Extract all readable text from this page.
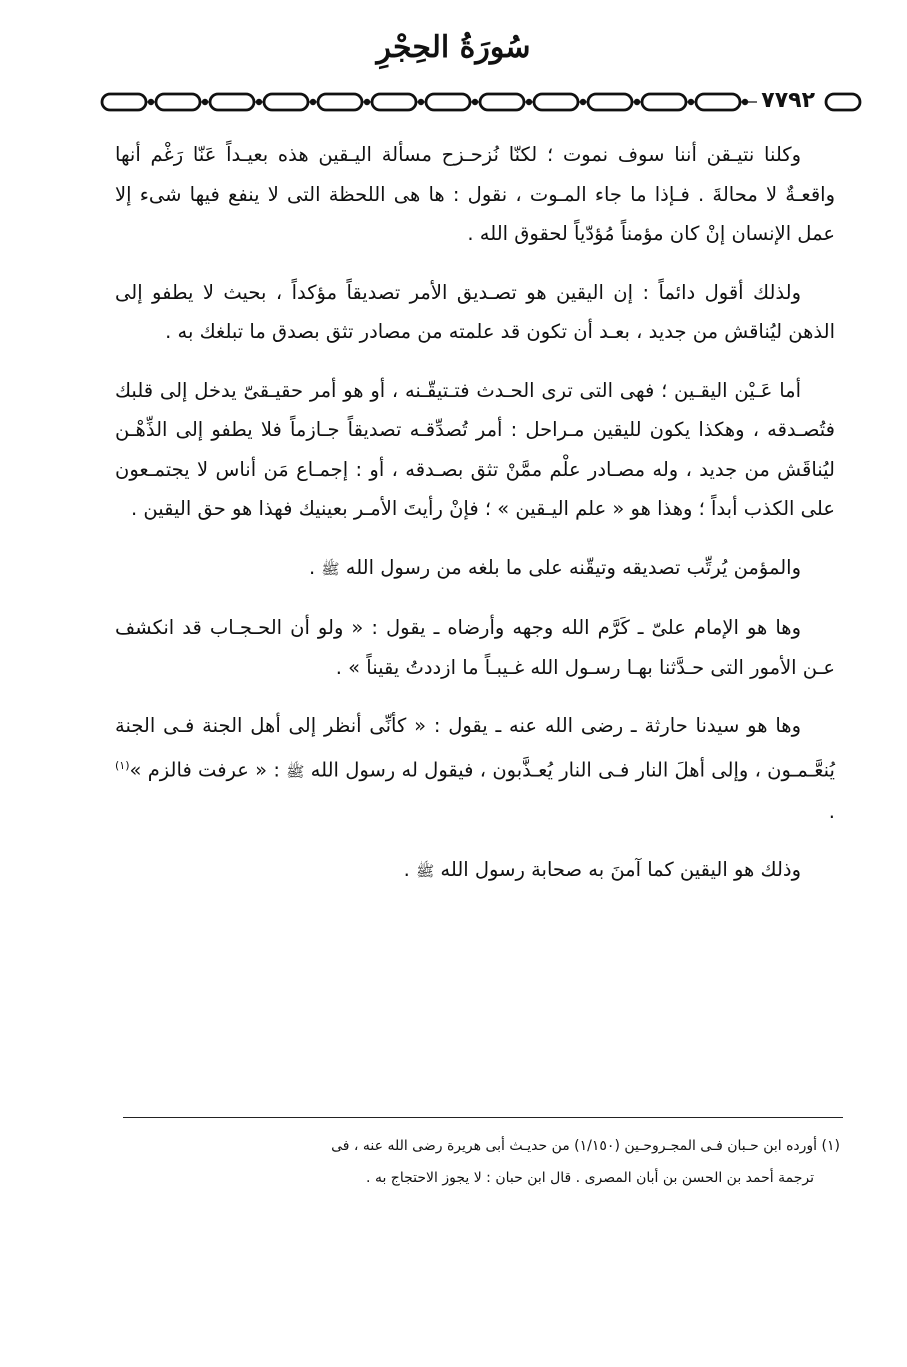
سُورَةُ الحِجْرِ
٧٧٩٢

وكلنا نتيـقن أننا سوف نموت ؛ لكنّا نُزحـزح مسألة اليـقين هذه بعيـداً عَنّا رَغْم أنها واقعـةٌ لا محالةَ . فـإذا ما جاء المـوت ، نقول : ها هى اللحظة التى لا ينفع فيها شىء إلا عمل الإنسان إنْ كان مؤمناً مُؤدّياً لحقوق الله .

ولذلك أقول دائماً : إن اليقين هو تصـديق الأمر تصديقاً مؤكداً ، بحيث لا يطفو إلى الذهن ليُناقش من جديد ، بعـد أن تكون قد علمته من مصادر تثق بصدق ما تبلغك به .

أما عَـيْن اليقـين ؛ فهى التى ترى الحـدث فتـتيقّـنه ، أو هو أمر حقيـقىّ يدخل إلى قلبك فتُصـدقه ، وهكذا يكون لليقين مـراحل : أمر تُصدِّقـه تصديقاً جـازماً فلا يطفو إلى الذِّهْـن ليُناقَش من جديد ، وله مصـادر علْم ممَّنْ تثق بصـدقه ، أو : إجمـاع مَن أناس لا يجتمـعون على الكذب أبداً ؛ وهذا هو « علم اليـقين » ؛ فإنْ رأيتَ الأمـر بعينيك فهذا هو حق اليقين .

والمؤمن يُرتِّب تصديقه وتيقّنه على ما بلغه من رسول الله ﷺ .

وها هو الإمام علىّ ـ كَرَّم الله وجهه وأرضاه ـ يقول : « ولو أن الحـجـاب قد انكشف عـن الأمور التى حـدَّثنا بهـا رسـول الله غـيبـاً ما ازددتُ يقيناً » .

وها هو سيدنا حارثة ـ رضى الله عنه ـ يقول : « كأنِّى أنظر إلى أهل الجنة فـى الجنة يُنعَّـمـون ، وإلى أهلَ النار فـى النار يُعـذَّبون ، فيقول له رسول الله ﷺ : « عرفت فالزم »$^{(١)}$ .

وذلك هو اليقين كما آمنَ به صحابة رسول الله ﷺ .

(١) أورده ابن حـبان فـى المجـروحـين (١/١٥٠) من حديـث أبى هريرة رضى الله عنه ، فى

ترجمة أحمد بن الحسن بن أبان المصرى . قال ابن حبان : لا يجوز الاحتجاج به .
